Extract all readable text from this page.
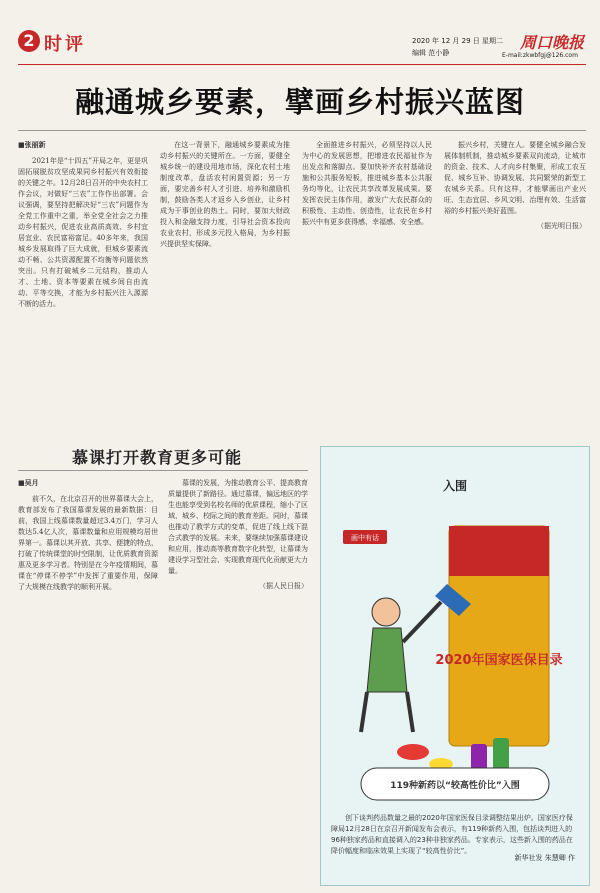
2 时评	2020 年 12 月 29 日 星期二
编辑 范小静
周口晚报
E-mail:zkwbfgj@126.com
融通城乡要素，擘画乡村振兴蓝图
■张丽新

2021年是“十四五”开局之年，更是巩固拓展脱贫攻坚成果同乡村振兴有效衔接的关键之年。12月28日召开的中央农村工作会议，对做好“三农”工作作出部署。会议强调，要坚持把解决好“三农”问题作为全党工作重中之重，举全党全社会之力推动乡村振兴，促进农业高质高效、乡村宜居宜业、农民富裕富足。40多年来，我国城乡发展取得了巨大成就，但城乡要素流动不畅、公共资源配置不均衡等问题依然突出。只有打破城乡二元结构，推动人才、土地、资本等要素在城乡间自由流动、平等交换，才能为乡村振兴注入源源不断的活力。

在这一背景下，融通城乡要素成为推动乡村振兴的关键所在。一方面，要健全城乡统一的建设用地市场，深化农村土地制度改革，盘活农村闲置资源；另一方面，要完善乡村人才引进、培养和激励机制，鼓励各类人才返乡入乡创业，让乡村成为干事创业的热土。同时，要加大财政投入和金融支持力度，引导社会资本投向农业农村，形成多元投入格局，为乡村振兴提供坚实保障。

全面推进乡村振兴，必须坚持以人民为中心的发展思想，把增进农民福祉作为出发点和落脚点。要加快补齐农村基础设施和公共服务短板，推进城乡基本公共服务均等化，让农民共享改革发展成果。要发挥农民主体作用，激发广大农民群众的积极性、主动性、创造性，让农民在乡村振兴中有更多获得感、幸福感、安全感。

振兴乡村，关键在人。要健全城乡融合发展体制机制，推动城乡要素双向流动，让城市的资金、技术、人才向乡村集聚，形成工农互促、城乡互补、协调发展、共同繁荣的新型工农城乡关系。只有这样，才能擘画出产业兴旺、生态宜居、乡风文明、治理有效、生活富裕的乡村振兴美好蓝图。

（据光明日报）
慕课打开教育更多可能
■吴月

前不久，在北京召开的世界慕课大会上，教育部发布了我国慕课发展的最新数据：目前，我国上线慕课数量超过3.4万门，学习人数达5.4亿人次，慕课数量和应用规模均居世界第一。慕课以其开放、共享、便捷的特点，打破了传统课堂的时空限制，让优质教育资源惠及更多学习者。特别是在今年疫情期间，慕课在“停课不停学”中发挥了重要作用，保障了大规模在线教学的顺利开展。

慕课的发展，为推动教育公平、提高教育质量提供了新路径。通过慕课，偏远地区的学生也能享受到名校名师的优质课程，缩小了区域、城乡、校际之间的教育差距。同时，慕课也推动了教学方式的变革，促进了线上线下混合式教学的发展。未来，要继续加强慕课建设和应用，推动高等教育数字化转型，让慕课为建设学习型社会、实现教育现代化贡献更大力量。

（据人民日报）
入围
2020年国家医保目录
画中有话
119种新药以“较高性价比”入围
创下谈判药品数量之最的2020年国家医保目录调整结果出炉。国家医疗保障局12月28日在京召开新闻发布会表示，有119种新药入围，包括谈判进入的96种独家药品和直接调入的23种非独家药品。专家表示，这些新入围的药品在降价幅度和临床效果上实现了“较高性价比”。
新华社发 朱慧卿 作
